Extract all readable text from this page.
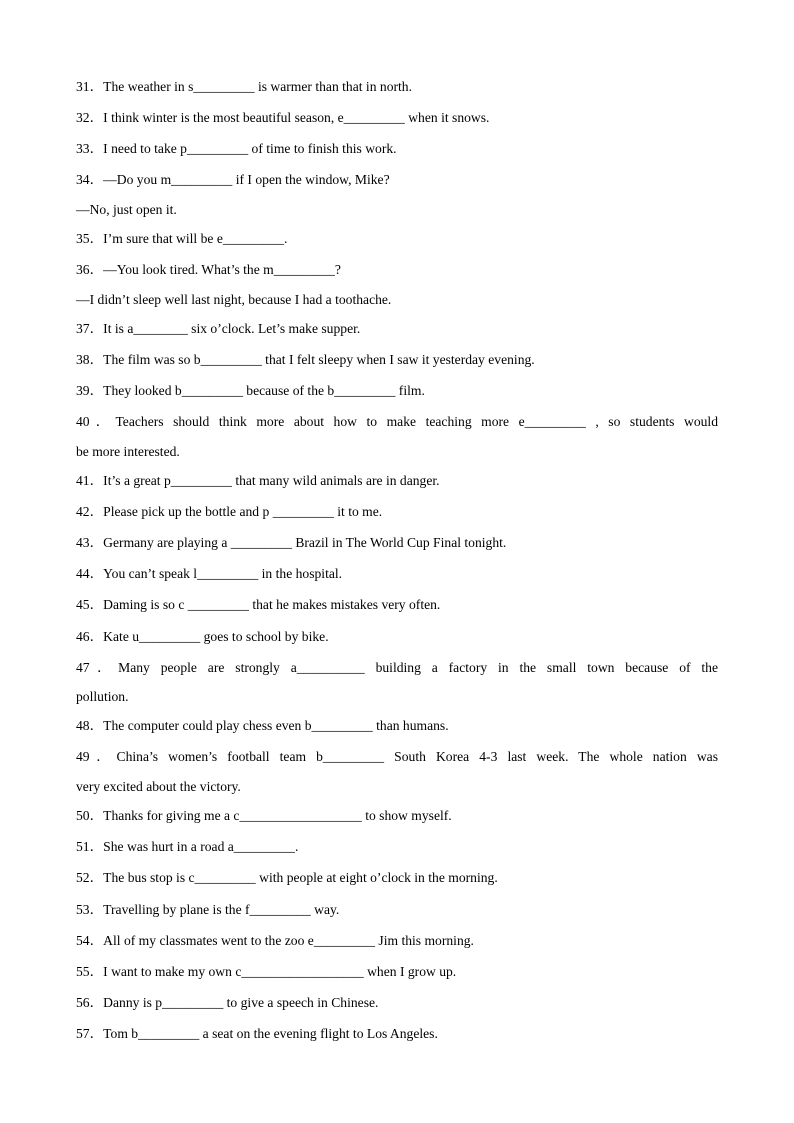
31．The weather in s_________ is warmer than that in north.
32．I think winter is the most beautiful season, e_________ when it snows.
33．I need to take p_________ of time to finish this work.
34．—Do you m_________ if I open the window, Mike?
—No, just open it.
35．I’m sure that will be e_________.
36．—You look tired. What’s the m_________?
—I didn’t sleep well last night, because I had a toothache.
37．It is a________ six o’clock. Let’s make supper.
38．The film was so b_________ that I felt sleepy when I saw it yesterday evening.
39．They looked b_________ because of the b_________ film.
40．Teachers should think more about how to make teaching more e_________ , so students would
be more interested.
41．It’s a great p_________ that many wild animals are in danger.
42．Please pick up the bottle and p _________ it to me.
43．Germany are playing a _________ Brazil in The World Cup Final tonight.
44．You can’t speak l_________ in the hospital.
45．Daming is so c _________ that he makes mistakes very often.
46．Kate u_________ goes to school by bike.
47．Many people are strongly a__________ building a factory in the small town because of the
pollution.
48．The computer could play chess even b_________ than humans.
49．China’s women’s football team b_________ South Korea 4-3 last week. The whole nation was
very excited about the victory.
50．Thanks for giving me a c__________________ to show myself.
51．She was hurt in a road a_________.
52．The bus stop is c_________ with people at eight o’clock in the morning.
53．Travelling by plane is the f_________ way.
54．All of my classmates went to the zoo e_________ Jim this morning.
55．I want to make my own c__________________ when I grow up.
56．Danny is p_________ to give a speech in Chinese.
57．Tom b_________ a seat on the evening flight to Los Angeles.
